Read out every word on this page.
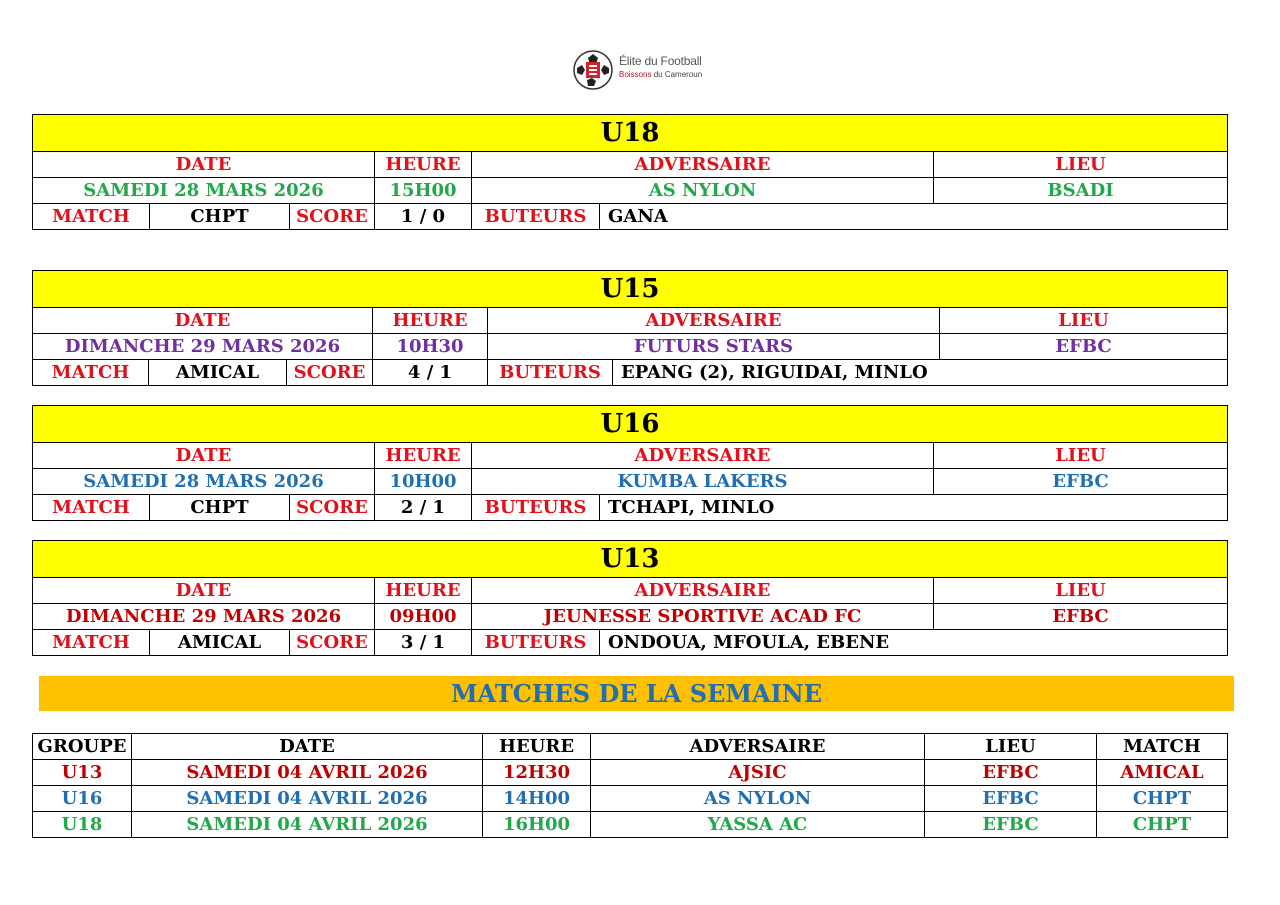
Élite du Football
Boissons du Cameroun
U18						
DATE			HEURE	ADVERSAIRE		LIEU
SAMEDI 28 MARS 2026			15H00	AS NYLON		BSADI
MATCH	CHPT	SCORE	1 / 0	BUTEURS	GANA	
U15						
DATE			HEURE	ADVERSAIRE		LIEU
DIMANCHE 29 MARS 2026			10H30	FUTURS STARS		EFBC
MATCH	AMICAL	SCORE	4 / 1	BUTEURS	EPANG (2), RIGUIDAI, MINLO	
U16						
DATE			HEURE	ADVERSAIRE		LIEU
SAMEDI 28 MARS 2026			10H00	KUMBA LAKERS		EFBC
MATCH	CHPT	SCORE	2 / 1	BUTEURS	TCHAPI, MINLO	
U13						
DATE			HEURE	ADVERSAIRE		LIEU
DIMANCHE 29 MARS 2026			09H00	JEUNESSE SPORTIVE ACAD FC		EFBC
MATCH	AMICAL	SCORE	3 / 1	BUTEURS	ONDOUA, MFOULA, EBENE	
MATCHES DE LA SEMAINE
GROUPE	DATE	HEURE	ADVERSAIRE	LIEU	MATCH
U13	SAMEDI 04 AVRIL 2026	12H30	AJSIC	EFBC	AMICAL
U16	SAMEDI 04 AVRIL 2026	14H00	AS NYLON	EFBC	CHPT
U18	SAMEDI 04 AVRIL 2026	16H00	YASSA AC	EFBC	CHPT
